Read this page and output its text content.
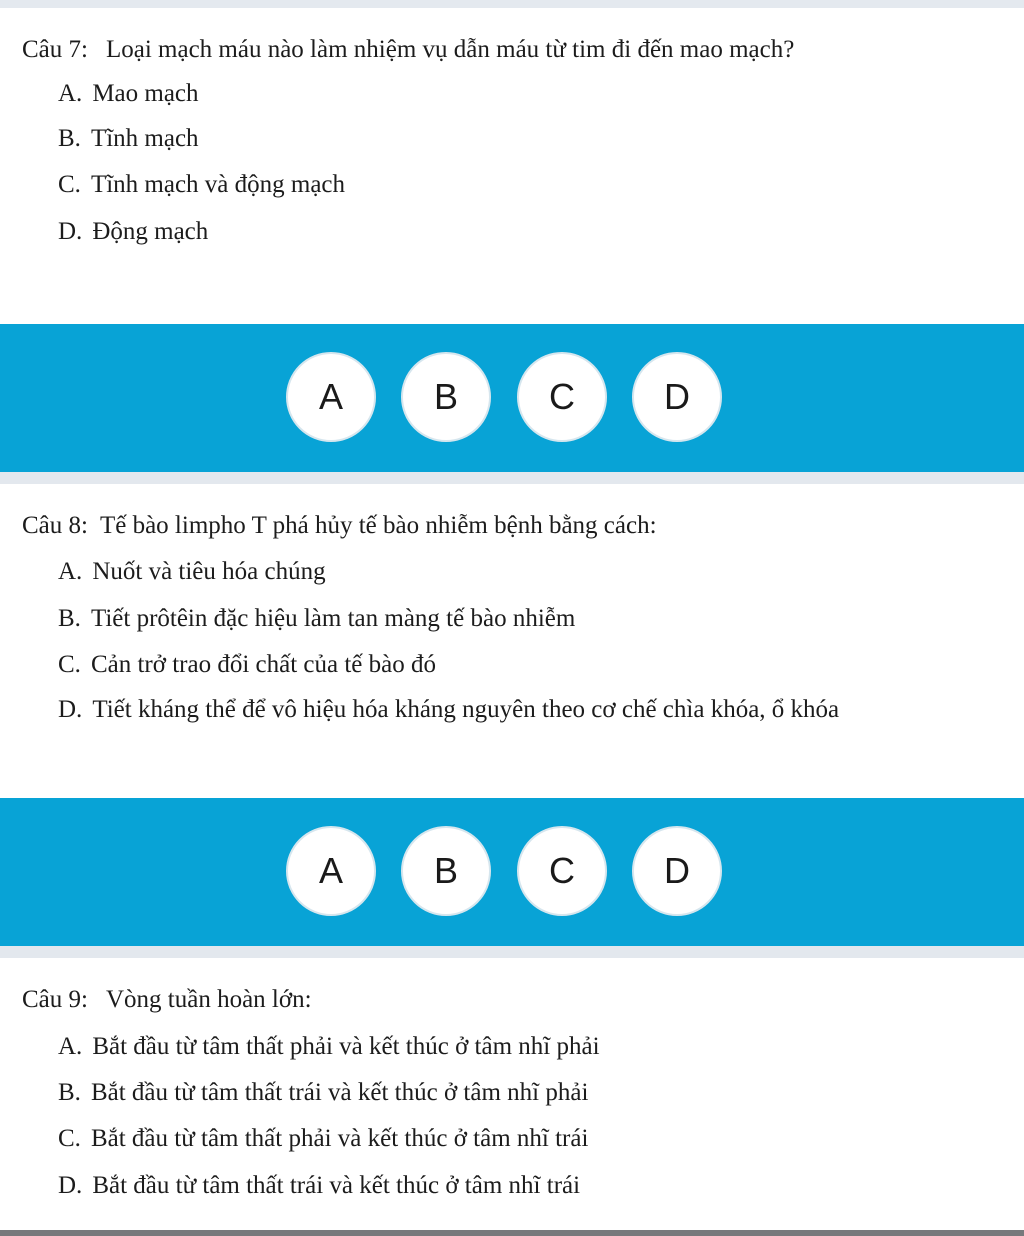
Câu 7: Loại mạch máu nào làm nhiệm vụ dẫn máu từ tim đi đến mao mạch?
A. Mao mạch
B. Tĩnh mạch
C. Tĩnh mạch và động mạch
D. Động mạch
A	B	C	D
Câu 8: Tế bào limpho T phá hủy tế bào nhiễm bệnh bằng cách:
A. Nuốt và tiêu hóa chúng
B. Tiết prôtêin đặc hiệu làm tan màng tế bào nhiễm
C. Cản trở trao đổi chất của tế bào đó
D. Tiết kháng thể để vô hiệu hóa kháng nguyên theo cơ chế chìa khóa, ổ khóa
A	B	C	D
Câu 9: Vòng tuần hoàn lớn:
A. Bắt đầu từ tâm thất phải và kết thúc ở tâm nhĩ phải
B. Bắt đầu từ tâm thất trái và kết thúc ở tâm nhĩ phải
C. Bắt đầu từ tâm thất phải và kết thúc ở tâm nhĩ trái
D. Bắt đầu từ tâm thất trái và kết thúc ở tâm nhĩ trái
